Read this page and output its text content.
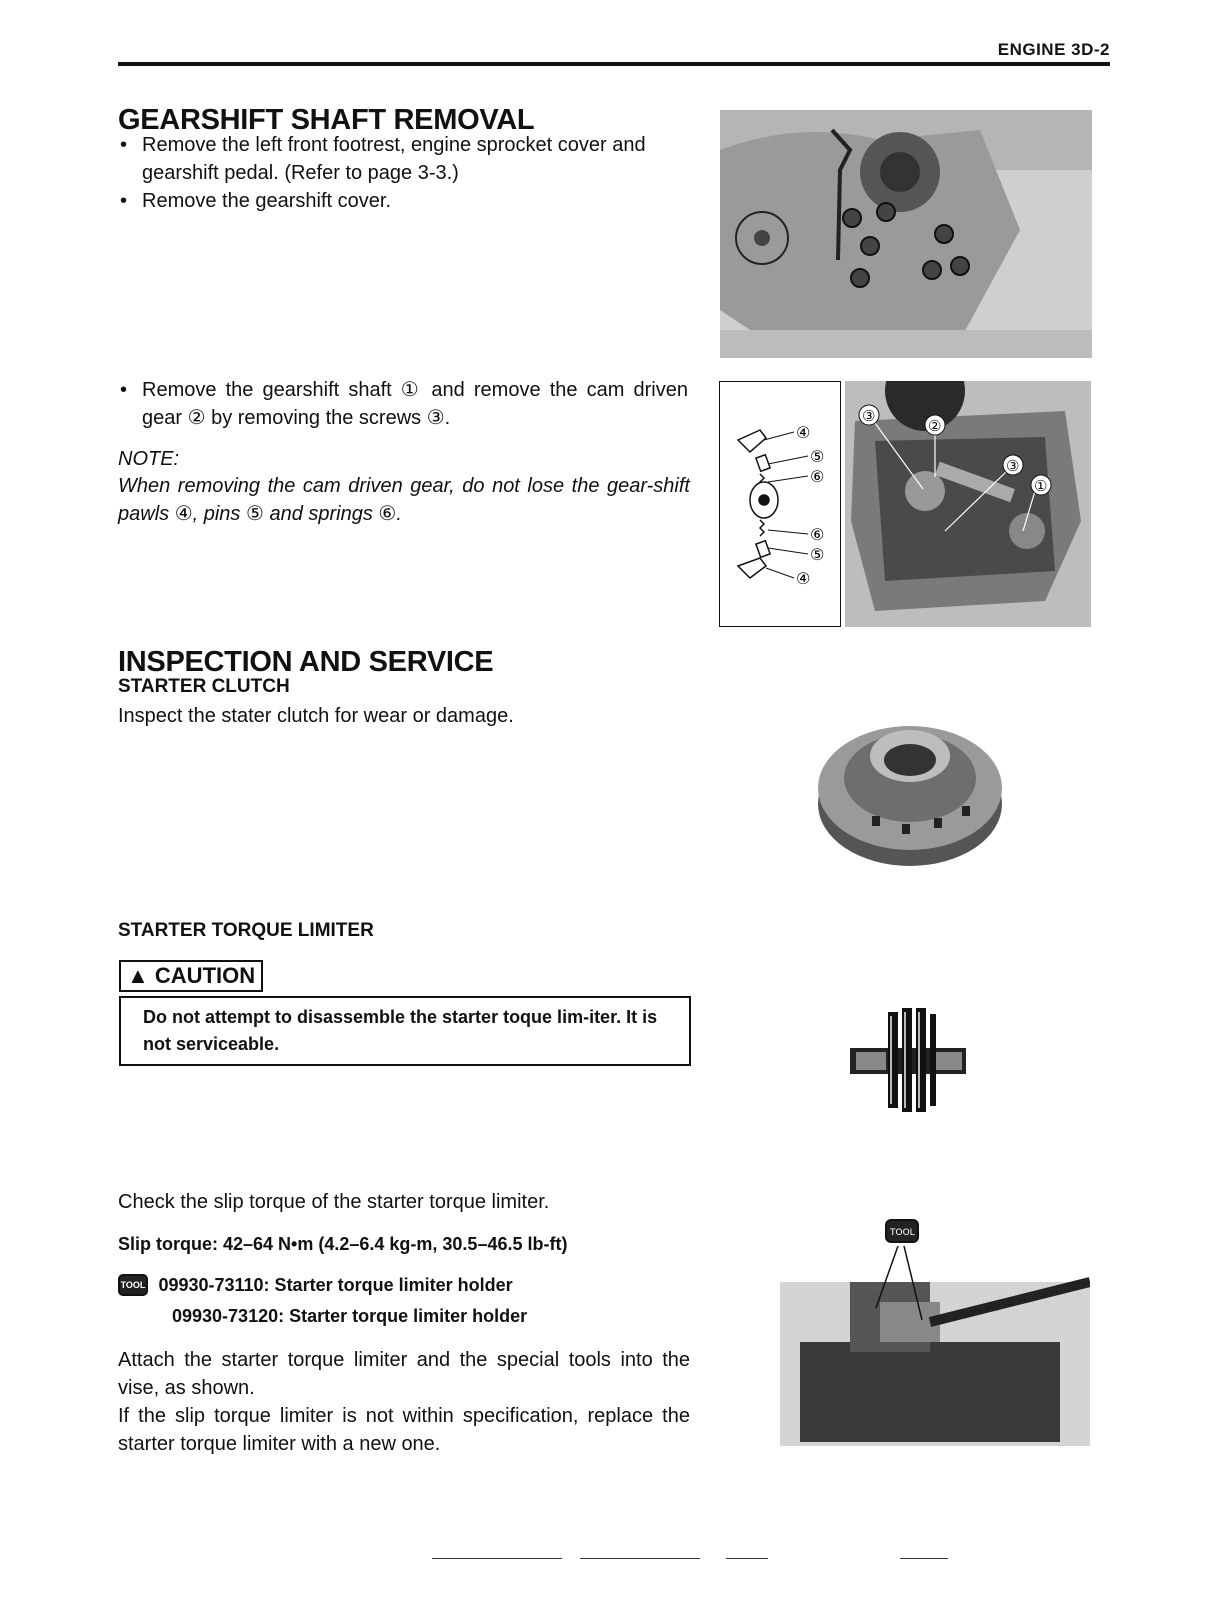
ENGINE 3D-2
GEARSHIFT SHAFT REMOVAL
• Remove the left front footrest, engine sprocket cover and gearshift pedal. (Refer to page 3-3.)
• Remove the gearshift cover.
• Remove the gearshift shaft ① and remove the cam driven gear ② by removing the screws ③.
NOTE:
When removing the cam driven gear, do not lose the gear-shift pawls ④, pins ⑤ and springs ⑥.
④
⑤
⑥
⑥
⑤
④
③
②
③
①
INSPECTION AND SERVICE
STARTER CLUTCH

Inspect the stater clutch for wear or damage.

STARTER TORQUE LIMITER
▲ CAUTION
Do not attempt to disassemble the starter toque lim-iter. It is not serviceable.

Check the slip torque of the starter torque limiter.

Slip torque: 42–64 N•m (4.2–6.4 kg-m, 30.5–46.5 lb-ft)
TOOL 09930-73110: Starter torque limiter holder
09930-73120: Starter torque limiter holder

Attach the starter torque limiter and the special tools into the vise, as shown.

If the slip torque limiter is not within specification, replace the starter torque limiter with a new one.

TOOL
